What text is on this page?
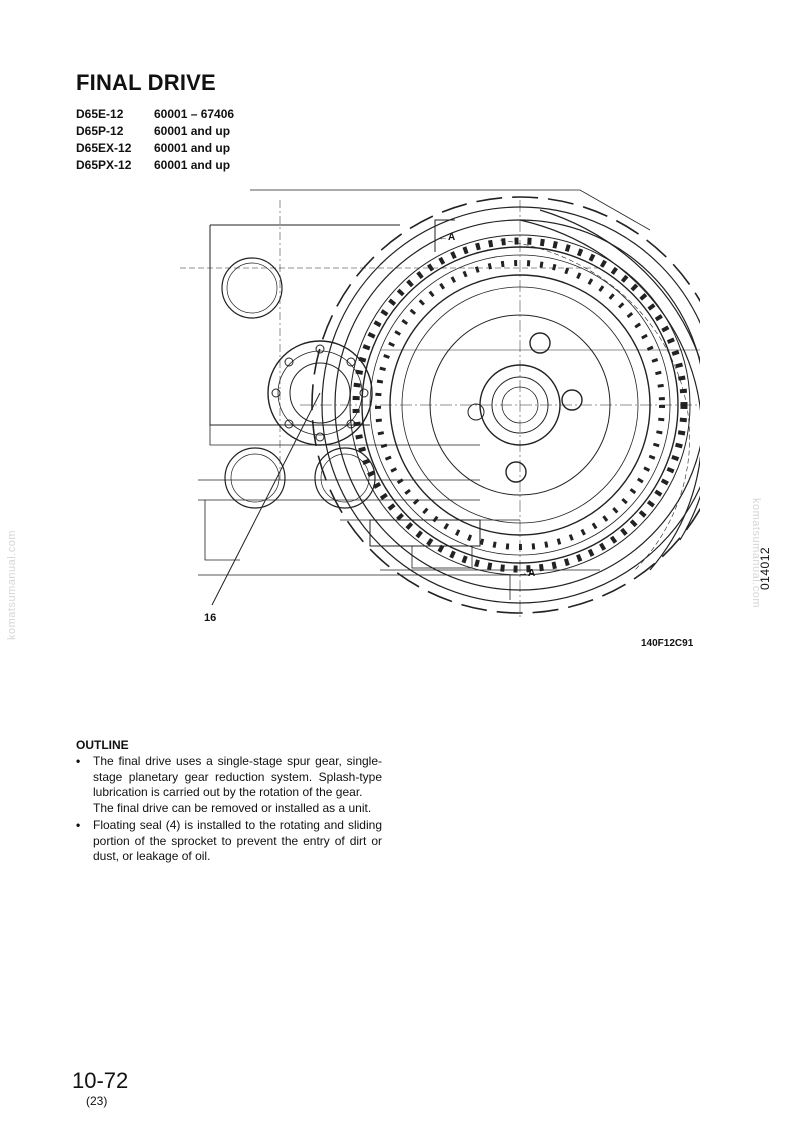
FINAL DRIVE
D65E-12	60001 – 67406
D65P-12	60001 and up
D65EX-12	60001 and up
D65PX-12	60001 and up
16
←A
→A
140F12C91
OUTLINE
•	The final drive uses a single-stage spur gear, single-stage planetary gear reduction system. Splash-type lubrication is carried out by the rotation of the gear.

The final drive can be removed or installed as a unit.

•	Floating seal (4) is installed to the rotating and sliding portion of the sprocket to prevent the entry of dirt or dust, or leakage of oil.

10-72
(23)
014012
komatsumanual.com	komatsumanual.com
